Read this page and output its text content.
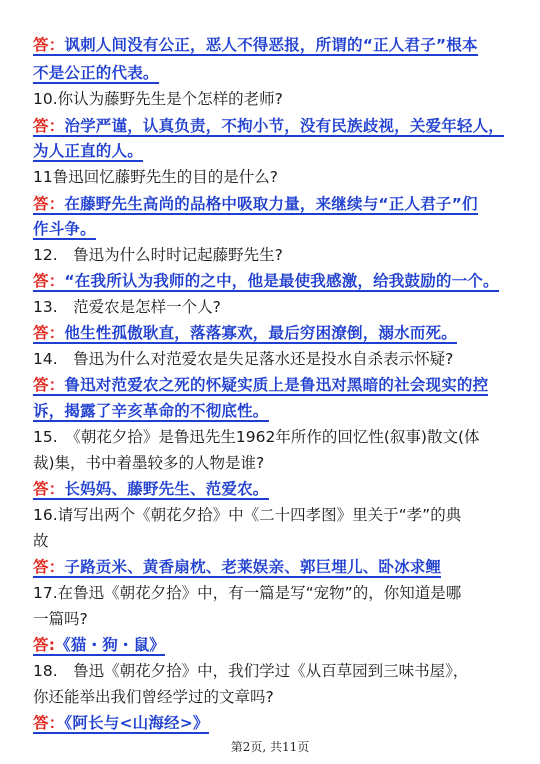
答：讽刺人间没有公正，恶人不得恶报，所谓的“正人君子”根本
不是公正的代表。
10.你认为藤野先生是个怎样的老师?
答：治学严谨，认真负责，不拘小节，没有民族歧视，关爱年轻人，
为人正直的人。
11鲁迅回忆藤野先生的目的是什么?
答：在藤野先生高尚的品格中吸取力量，来继续与“正人君子”们
作斗争。
12.　鲁迅为什么时时记起藤野先生?
答：“在我所认为我师的之中，他是最使我感激，给我鼓励的一个。
13.　范爱农是怎样一个人?
答：他生性孤傲耿直，落落寡欢，最后穷困潦倒，溺水而死。
14.　鲁迅为什么对范爱农是失足落水还是投水自杀表示怀疑?
答：鲁迅对范爱农之死的怀疑实质上是鲁迅对黑暗的社会现实的控
诉，揭露了辛亥革命的不彻底性。
15.　《朝花夕拾》是鲁迅先生1962年所作的回忆性(叙事)散文(体
裁)集，书中着墨较多的人物是谁?
答：长妈妈、藤野先生、范爱农。
16.请写出两个《朝花夕拾》中《二十四孝图》里关于“孝”的典
故
答：子路贡米、黄香扇枕、老莱娱亲、郭巨埋儿、卧冰求鲤
17.在鲁迅《朝花夕拾》中，有一篇是写“宠物”的，你知道是哪
一篇吗?
答:《猫・狗・鼠》
18.　鲁迅《朝花夕拾》中，我们学过《从百草园到三味书屋》，
你还能举出我们曾经学过的文章吗?
答：《阿长与<山海经>》
第2页, 共11页
